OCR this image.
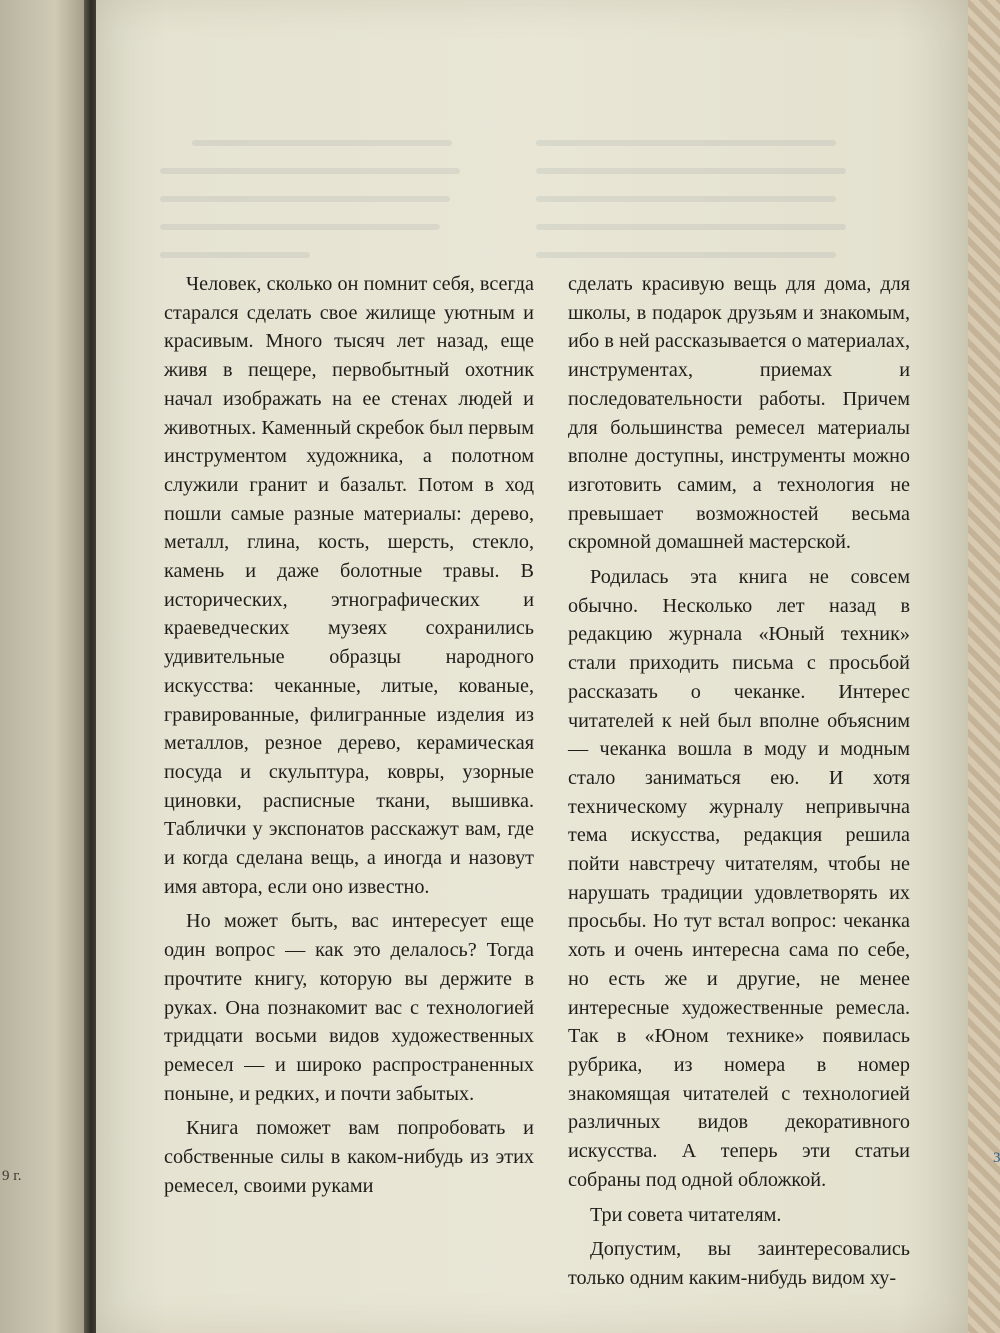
9 г.
3

Человек, сколько он помнит себя, всегда старался сделать свое жилище уютным и красивым. Много тысяч лет назад, еще живя в пещере, первобытный охотник начал изображать на ее стенах людей и животных. Каменный скребок был первым инструментом художника, а полотном служили гранит и базальт. Потом в ход пошли самые разные материалы: дерево, металл, глина, кость, шерсть, стекло, камень и даже болотные травы. В исторических, этнографических и краеведческих музеях сохранились удивительные образцы народного искусства: чеканные, литые, кованые, гравированные, филигранные изделия из металлов, резное дерево, керамическая посуда и скульптура, ковры, узорные циновки, расписные ткани, вышивка. Таблички у экспонатов расскажут вам, где и когда сделана вещь, а иногда и назовут имя автора, если оно известно.

Но может быть, вас интересует еще один вопрос — как это делалось? Тогда прочтите книгу, которую вы держите в руках. Она познакомит вас с технологией тридцати восьми видов художественных ремесел — и широко распространенных поныне, и редких, и почти забытых.

Книга поможет вам попробовать и собственные силы в каком-нибудь из этих ремесел, своими руками

сделать красивую вещь для дома, для школы, в подарок друзьям и знакомым, ибо в ней рассказывается о материалах, инструментах, приемах и последовательности работы. Причем для большинства ремесел материалы вполне доступны, инструменты можно изготовить самим, а технология не превышает возможностей весьма скромной домашней мастерской.

Родилась эта книга не совсем обычно. Несколько лет назад в редакцию журнала «Юный техник» стали приходить письма с просьбой рассказать о чеканке. Интерес читателей к ней был вполне объясним — чеканка вошла в моду и модным стало заниматься ею. И хотя техническому журналу непривычна тема искусства, редакция решила пойти навстречу читателям, чтобы не нарушать традиции удовлетворять их просьбы. Но тут встал вопрос: чеканка хоть и очень интересна сама по себе, но есть же и другие, не менее интересные художественные ремесла. Так в «Юном технике» появилась рубрика, из номера в номер знакомящая читателей с технологией различных видов декоративного искусства. А теперь эти статьи собраны под одной обложкой.

Три совета читателям.

Допустим, вы заинтересовались только одним каким-нибудь видом ху-
